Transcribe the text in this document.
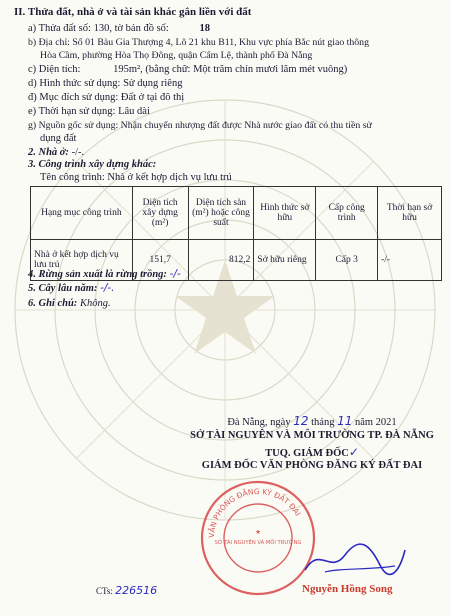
II. Thửa đất, nhà ở và tài sản khác gắn liền với đất
a) Thửa đất số: 130, tờ bản đồ số:	18
b) Địa chỉ: Số 01 Bàu Gia Thượng 4, Lô 21 khu B11, Khu vực phía Bắc nút giao thông
Hòa Cầm, phường Hòa Thọ Đông, quận Cẩm Lệ, thành phố Đà Nẵng
c) Diện tích:	195m², (bằng chữ: Một trăm chín mươi lăm mét vuông)
d) Hình thức sử dụng: Sử dụng riêng
đ) Mục đích sử dụng: Đất ở tại đô thị
e) Thời hạn sử dụng: Lâu dài
g) Nguồn gốc sử dụng: Nhận chuyển nhượng đất được Nhà nước giao đất có thu tiền sử
dụng đất
2. Nhà ở: -/-.
3. Công trình xây dựng khác:
Tên công trình: Nhà ở kết hợp dịch vụ lưu trú
Hạng mục công trình	Diện tích xây dựng (m²)	Diện tích sàn (m²) hoặc công suất	Hình thức sở hữu	Cấp công trình	Thời hạn sở hữu
Nhà ở kết hợp dịch vụ lưu trú	151,7	812,2	Sở hữu riêng	Cấp 3	-/-
4. Rừng sản xuất là rừng trồng: -/-
5. Cây lâu năm: -/-.
6. Ghi chú: Không.
Đà Nẵng, ngày 12 tháng 11 năm 2021
SỞ TÀI NGUYÊN VÀ MÔI TRƯỜNG TP. ĐÀ NẴNG
TUQ. GIÁM ĐỐC✓
GIÁM ĐỐC VĂN PHÒNG ĐĂNG KÝ ĐẤT ĐAI
VĂN PHÒNG ĐĂNG KÝ ĐẤT ĐAI
★
SỞ TÀI NGUYÊN VÀ MÔI TRƯỜNG
Nguyễn Hồng Song
CTs: 226516
